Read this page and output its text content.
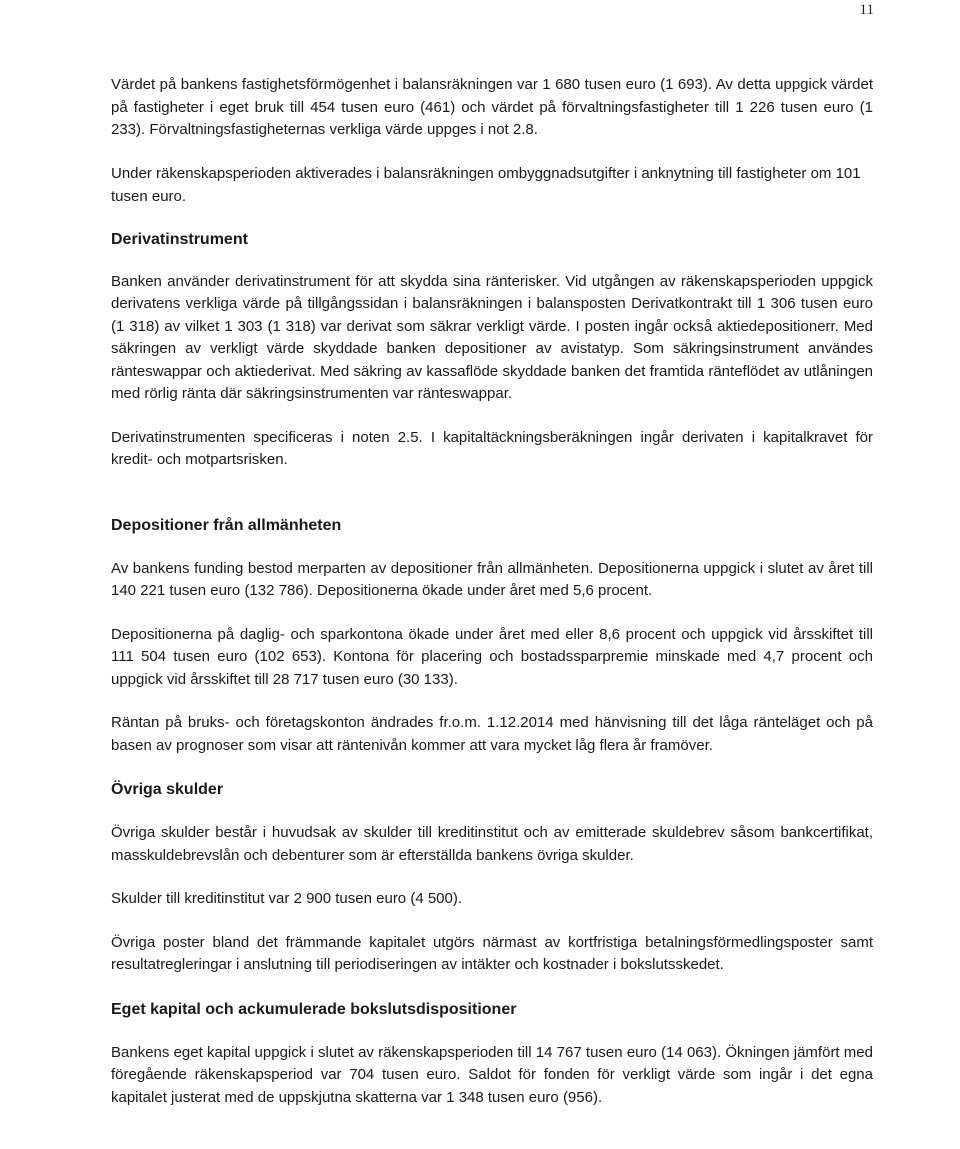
11

Värdet på bankens fastighetsförmögenhet i balansräkningen var 1 680 tusen euro (1 693). Av detta uppgick värdet på fastigheter i eget bruk till 454 tusen euro (461) och värdet på förvaltningsfastigheter till 1 226 tusen euro (1 233). Förvaltningsfastigheternas verkliga värde uppges i not 2.8.

Under räkenskapsperioden aktiverades i balansräkningen ombyggnadsutgifter i anknytning till fastigheter om 101 tusen euro.

Derivatinstrument

Banken använder derivatinstrument för att skydda sina ränterisker. Vid utgången av räkenskapsperioden uppgick derivatens verkliga värde på tillgångssidan i balansräkningen i balansposten Derivatkontrakt till 1 306 tusen euro (1 318) av vilket 1 303 (1 318) var derivat som säkrar verkligt värde. I posten ingår också aktiedepositionerr. Med säkringen av verkligt värde skyddade banken depositioner av avistatyp. Som säkringsinstrument användes ränteswappar och aktiederivat. Med säkring av kassaflöde skyddade banken det framtida ränteflödet av utlåningen med rörlig ränta där säkringsinstrumenten var ränteswappar.

Derivatinstrumenten specificeras i noten 2.5. I kapitaltäckningsberäkningen ingår derivaten i kapitalkravet för kredit- och motpartsrisken.

Depositioner från allmänheten

Av bankens funding bestod merparten av depositioner från allmänheten. Depositionerna uppgick i slutet av året till 140 221 tusen euro (132 786). Depositionerna ökade under året med 5,6 procent.

Depositionerna på daglig- och sparkontona ökade under året med eller 8,6 procent och uppgick vid årsskiftet till 111 504 tusen euro (102 653). Kontona för placering och bostadssparpremie minskade med 4,7 procent och uppgick vid årsskiftet till 28 717 tusen euro (30 133).

Räntan på bruks- och företagskonton ändrades fr.o.m. 1.12.2014 med hänvisning till det låga ränteläget och på basen av prognoser som visar att räntenivån kommer att vara mycket låg flera år framöver.

Övriga skulder

Övriga skulder består i huvudsak av skulder till kreditinstitut och av emitterade skuldebrev såsom bankcertifikat, masskuldebrevslån och debenturer som är efterställda bankens övriga skulder.

Skulder till kreditinstitut var 2 900 tusen euro (4 500).

Övriga poster bland det främmande kapitalet utgörs närmast av kortfristiga betalningsförmedlingsposter samt resultatregleringar i anslutning till periodiseringen av intäkter och kostnader i bokslutsskedet.

Eget kapital och ackumulerade bokslutsdispositioner

Bankens eget kapital uppgick i slutet av räkenskapsperioden till 14 767 tusen euro (14 063). Ökningen jämfört med föregående räkenskapsperiod var 704 tusen euro. Saldot för fonden för verkligt värde som ingår i det egna kapitalet justerat med de uppskjutna skatterna var 1 348 tusen euro (956).
